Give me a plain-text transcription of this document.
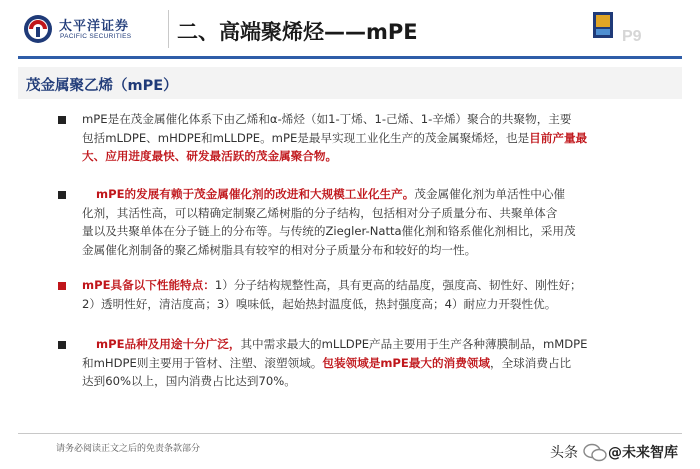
太平洋证券
PACIFIC SECURITIES 二、高端聚烯烃——mPE	P9
茂金属聚乙烯（mPE）
mPE是在茂金属催化体系下由乙烯和α-烯烃（如1-丁烯、1-己烯、1-辛烯）聚合的共聚物，主要
包括mLDPE、mHDPE和mLLDPE。mPE是最早实现工业化生产的茂金属聚烯烃，也是目前产量最
大、应用进度最快、研发最活跃的茂金属聚合物。
mPE的发展有赖于茂金属催化剂的改进和大规模工业化生产。茂金属催化剂为单活性中心催
化剂，其活性高，可以精确定制聚乙烯树脂的分子结构，包括相对分子质量分布、共聚单体含
量以及共聚单体在分子链上的分布等。与传统的Ziegler-Natta催化剂和铬系催化剂相比，采用茂
金属催化剂制备的聚乙烯树脂具有较窄的相对分子质量分布和较好的均一性。
mPE具备以下性能特点：1）分子结构规整性高，具有更高的结晶度，强度高、韧性好、刚性好；
2）透明性好，清洁度高；3）嗅味低，起始热封温度低，热封强度高；4）耐应力开裂性优。
mPE品种及用途十分广泛，其中需求最大的mLLDPE产品主要用于生产各种薄膜制品，mMDPE
和mHDPE则主要用于管材、注塑、滚塑领域。包装领域是mPE最大的消费领域，全球消费占比
达到60%以上，国内消费占比达到70%。
请务必阅读正文之后的免责条款部分	头条 @未来智库
